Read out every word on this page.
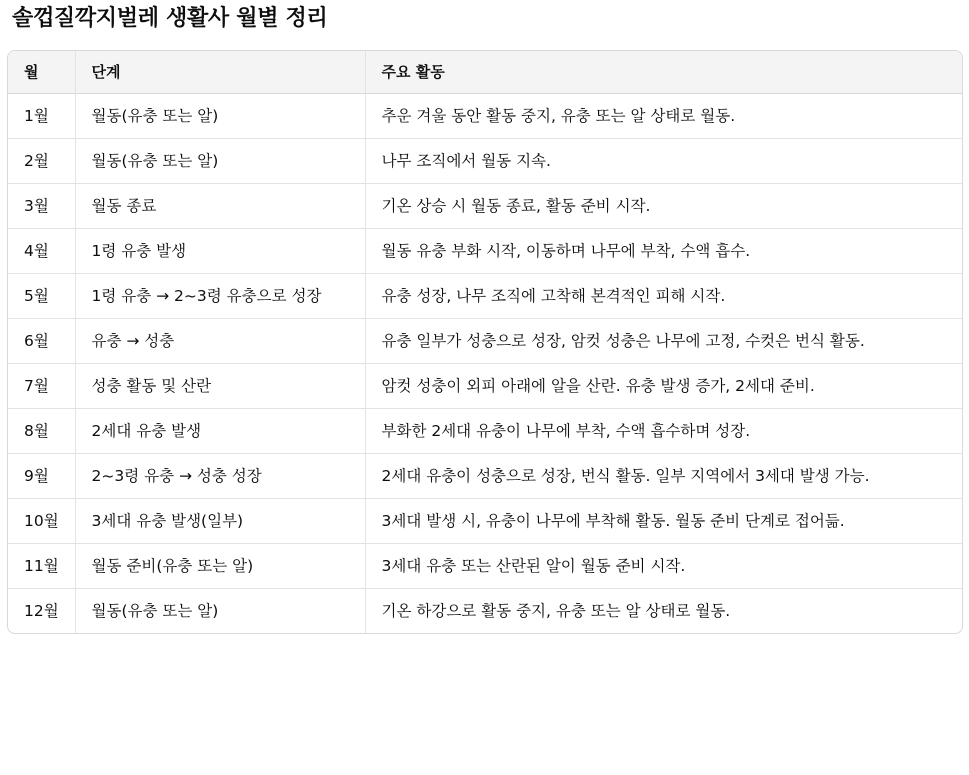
솔껍질깍지벌레 생활사 월별 정리
월	단계	주요 활동
1월	월동(유충 또는 알)	추운 겨울 동안 활동 중지, 유충 또는 알 상태로 월동.
2월	월동(유충 또는 알)	나무 조직에서 월동 지속.
3월	월동 종료	기온 상승 시 월동 종료, 활동 준비 시작.
4월	1령 유충 발생	월동 유충 부화 시작, 이동하며 나무에 부착, 수액 흡수.
5월	1령 유충 → 2~3령 유충으로 성장	유충 성장, 나무 조직에 고착해 본격적인 피해 시작.
6월	유충 → 성충	유충 일부가 성충으로 성장, 암컷 성충은 나무에 고정, 수컷은 번식 활동.
7월	성충 활동 및 산란	암컷 성충이 외피 아래에 알을 산란. 유충 발생 증가, 2세대 준비.
8월	2세대 유충 발생	부화한 2세대 유충이 나무에 부착, 수액 흡수하며 성장.
9월	2~3령 유충 → 성충 성장	2세대 유충이 성충으로 성장, 번식 활동. 일부 지역에서 3세대 발생 가능.
10월	3세대 유충 발생(일부)	3세대 발생 시, 유충이 나무에 부착해 활동. 월동 준비 단계로 접어듦.
11월	월동 준비(유충 또는 알)	3세대 유충 또는 산란된 알이 월동 준비 시작.
12월	월동(유충 또는 알)	기온 하강으로 활동 중지, 유충 또는 알 상태로 월동.
